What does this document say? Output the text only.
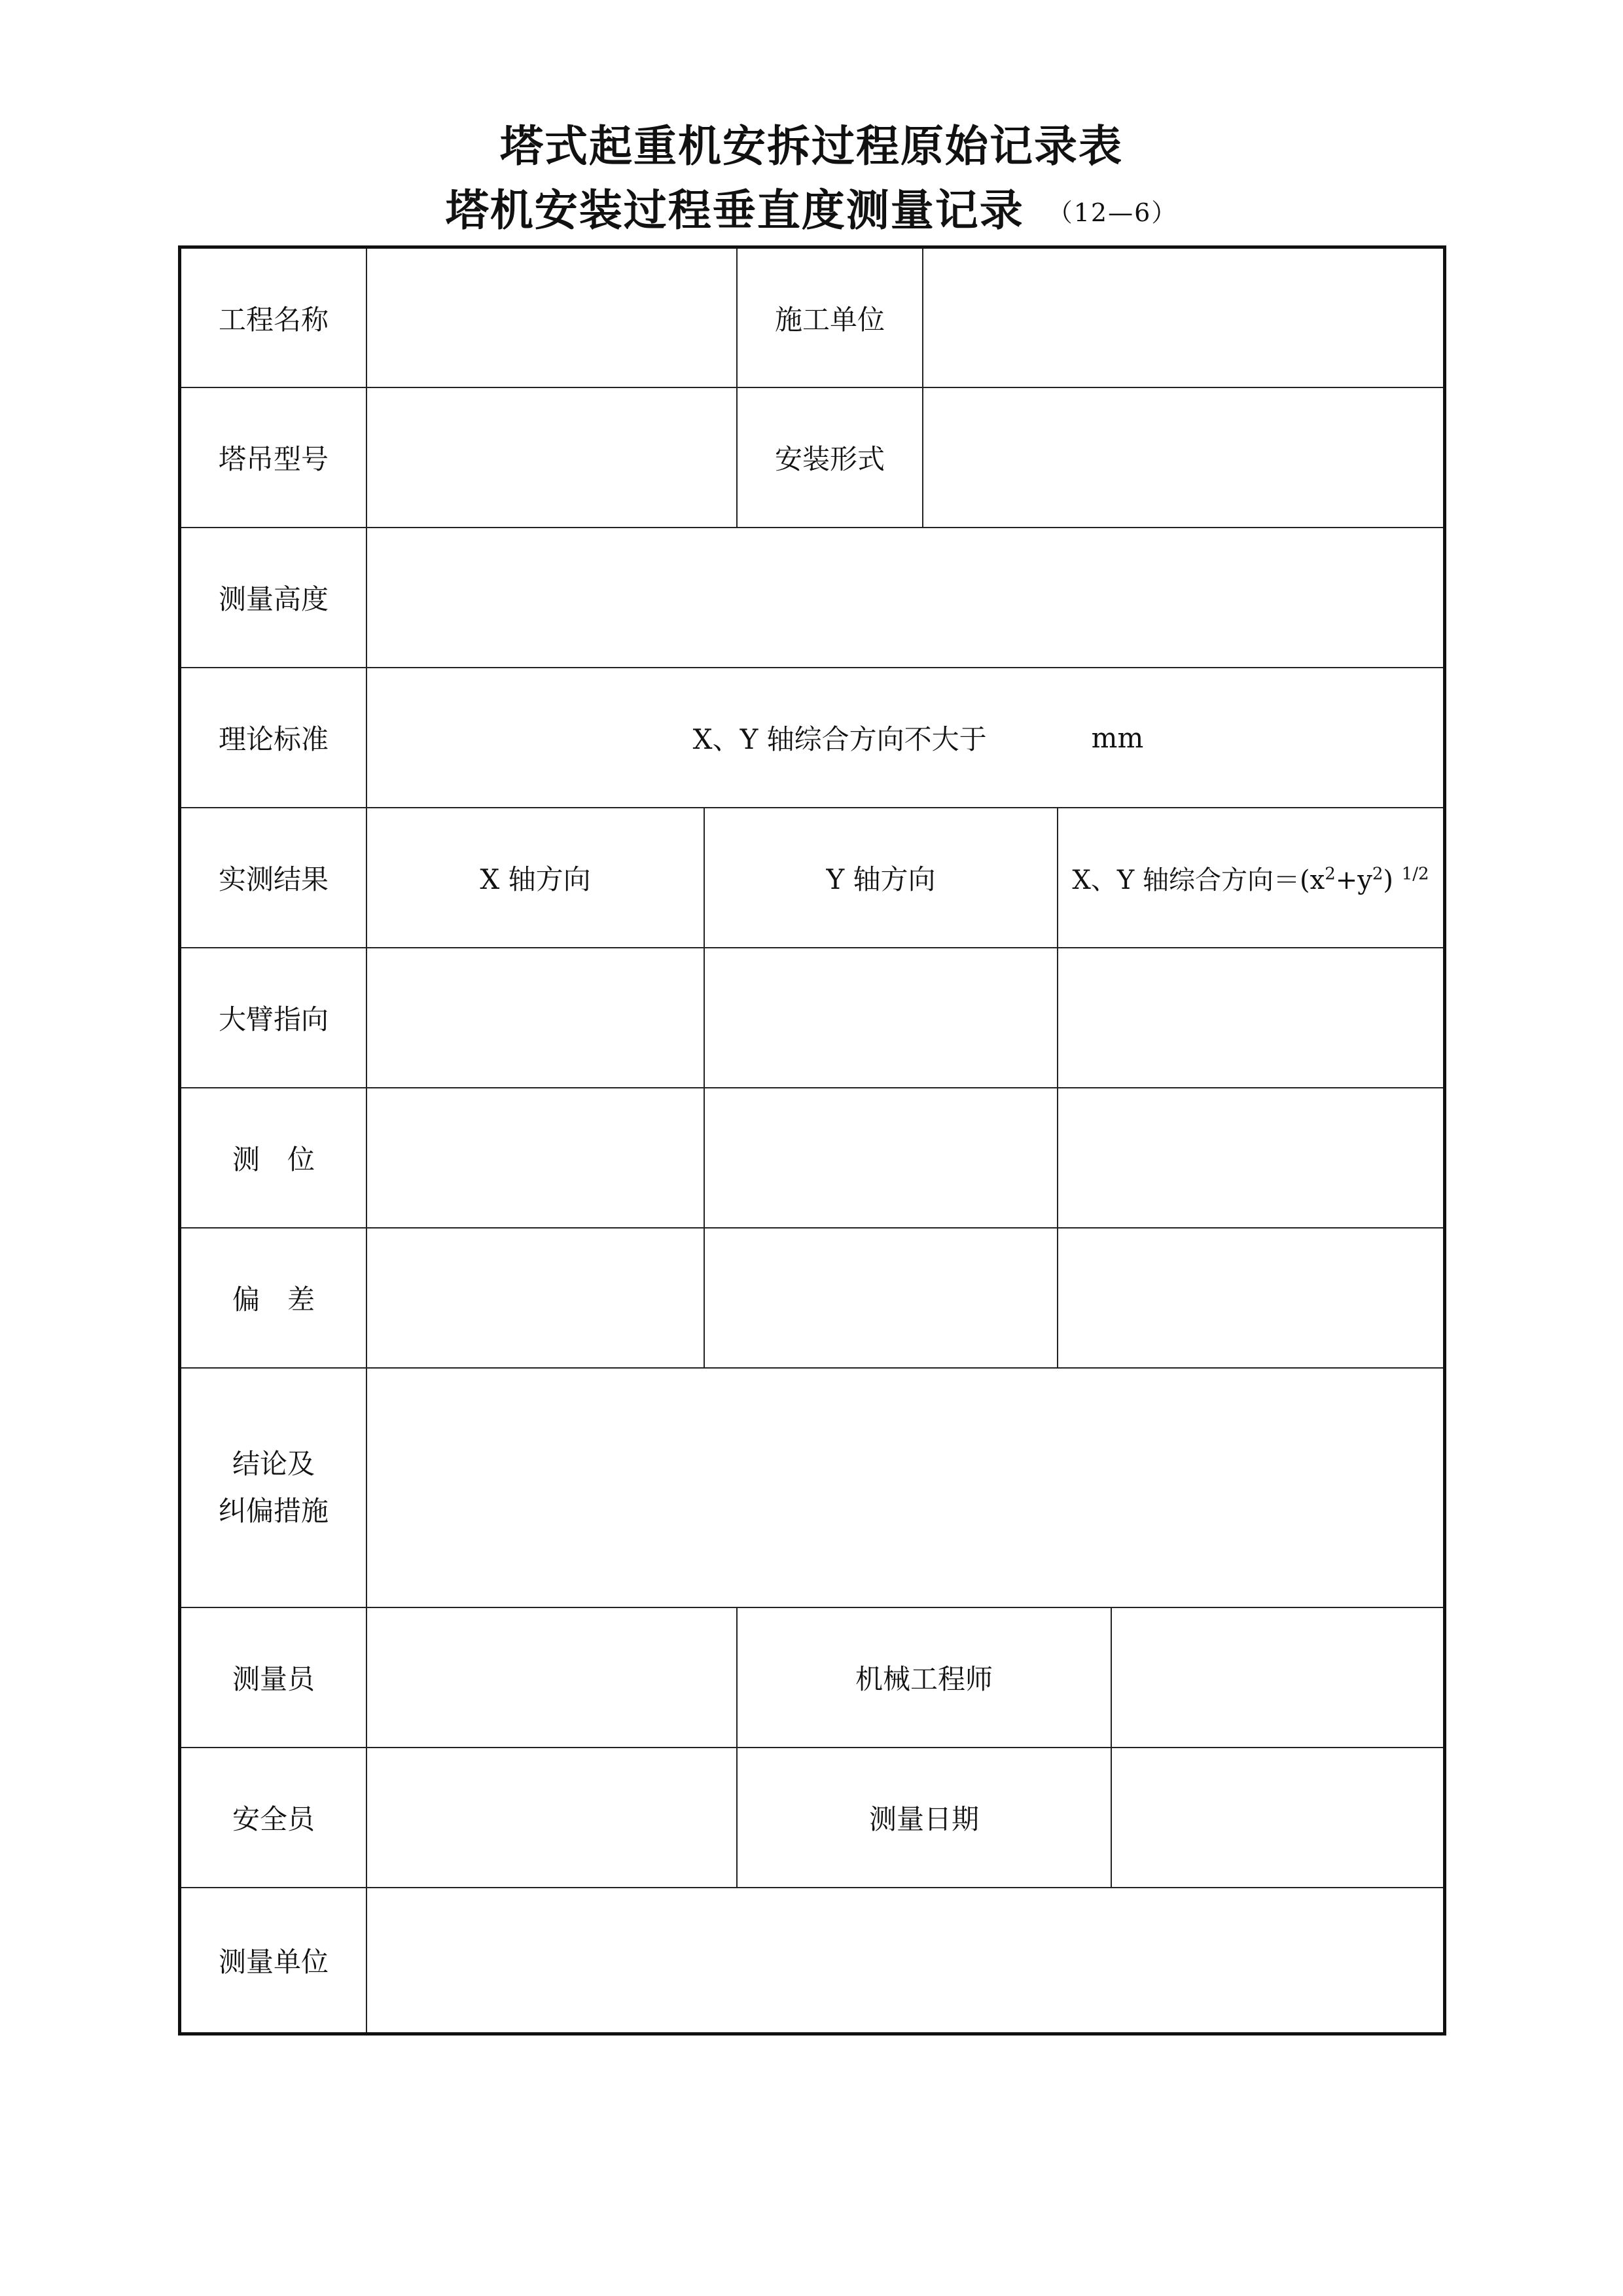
塔式起重机安拆过程原始记录表
塔机安装过程垂直度测量记录 （12—6）
工程名称	施工单位
塔吊型号	安装形式
测量高度
理论标准	X、Y 轴综合方向不大于	mm
实测结果	X 轴方向	Y 轴方向	X、Y 轴综合方向$=(x^2+y^2)$ $^{1/2}$
大臂指向
测　位
偏　差
结论及
纠偏措施
测量员	机械工程师
安全员	测量日期
测量单位
